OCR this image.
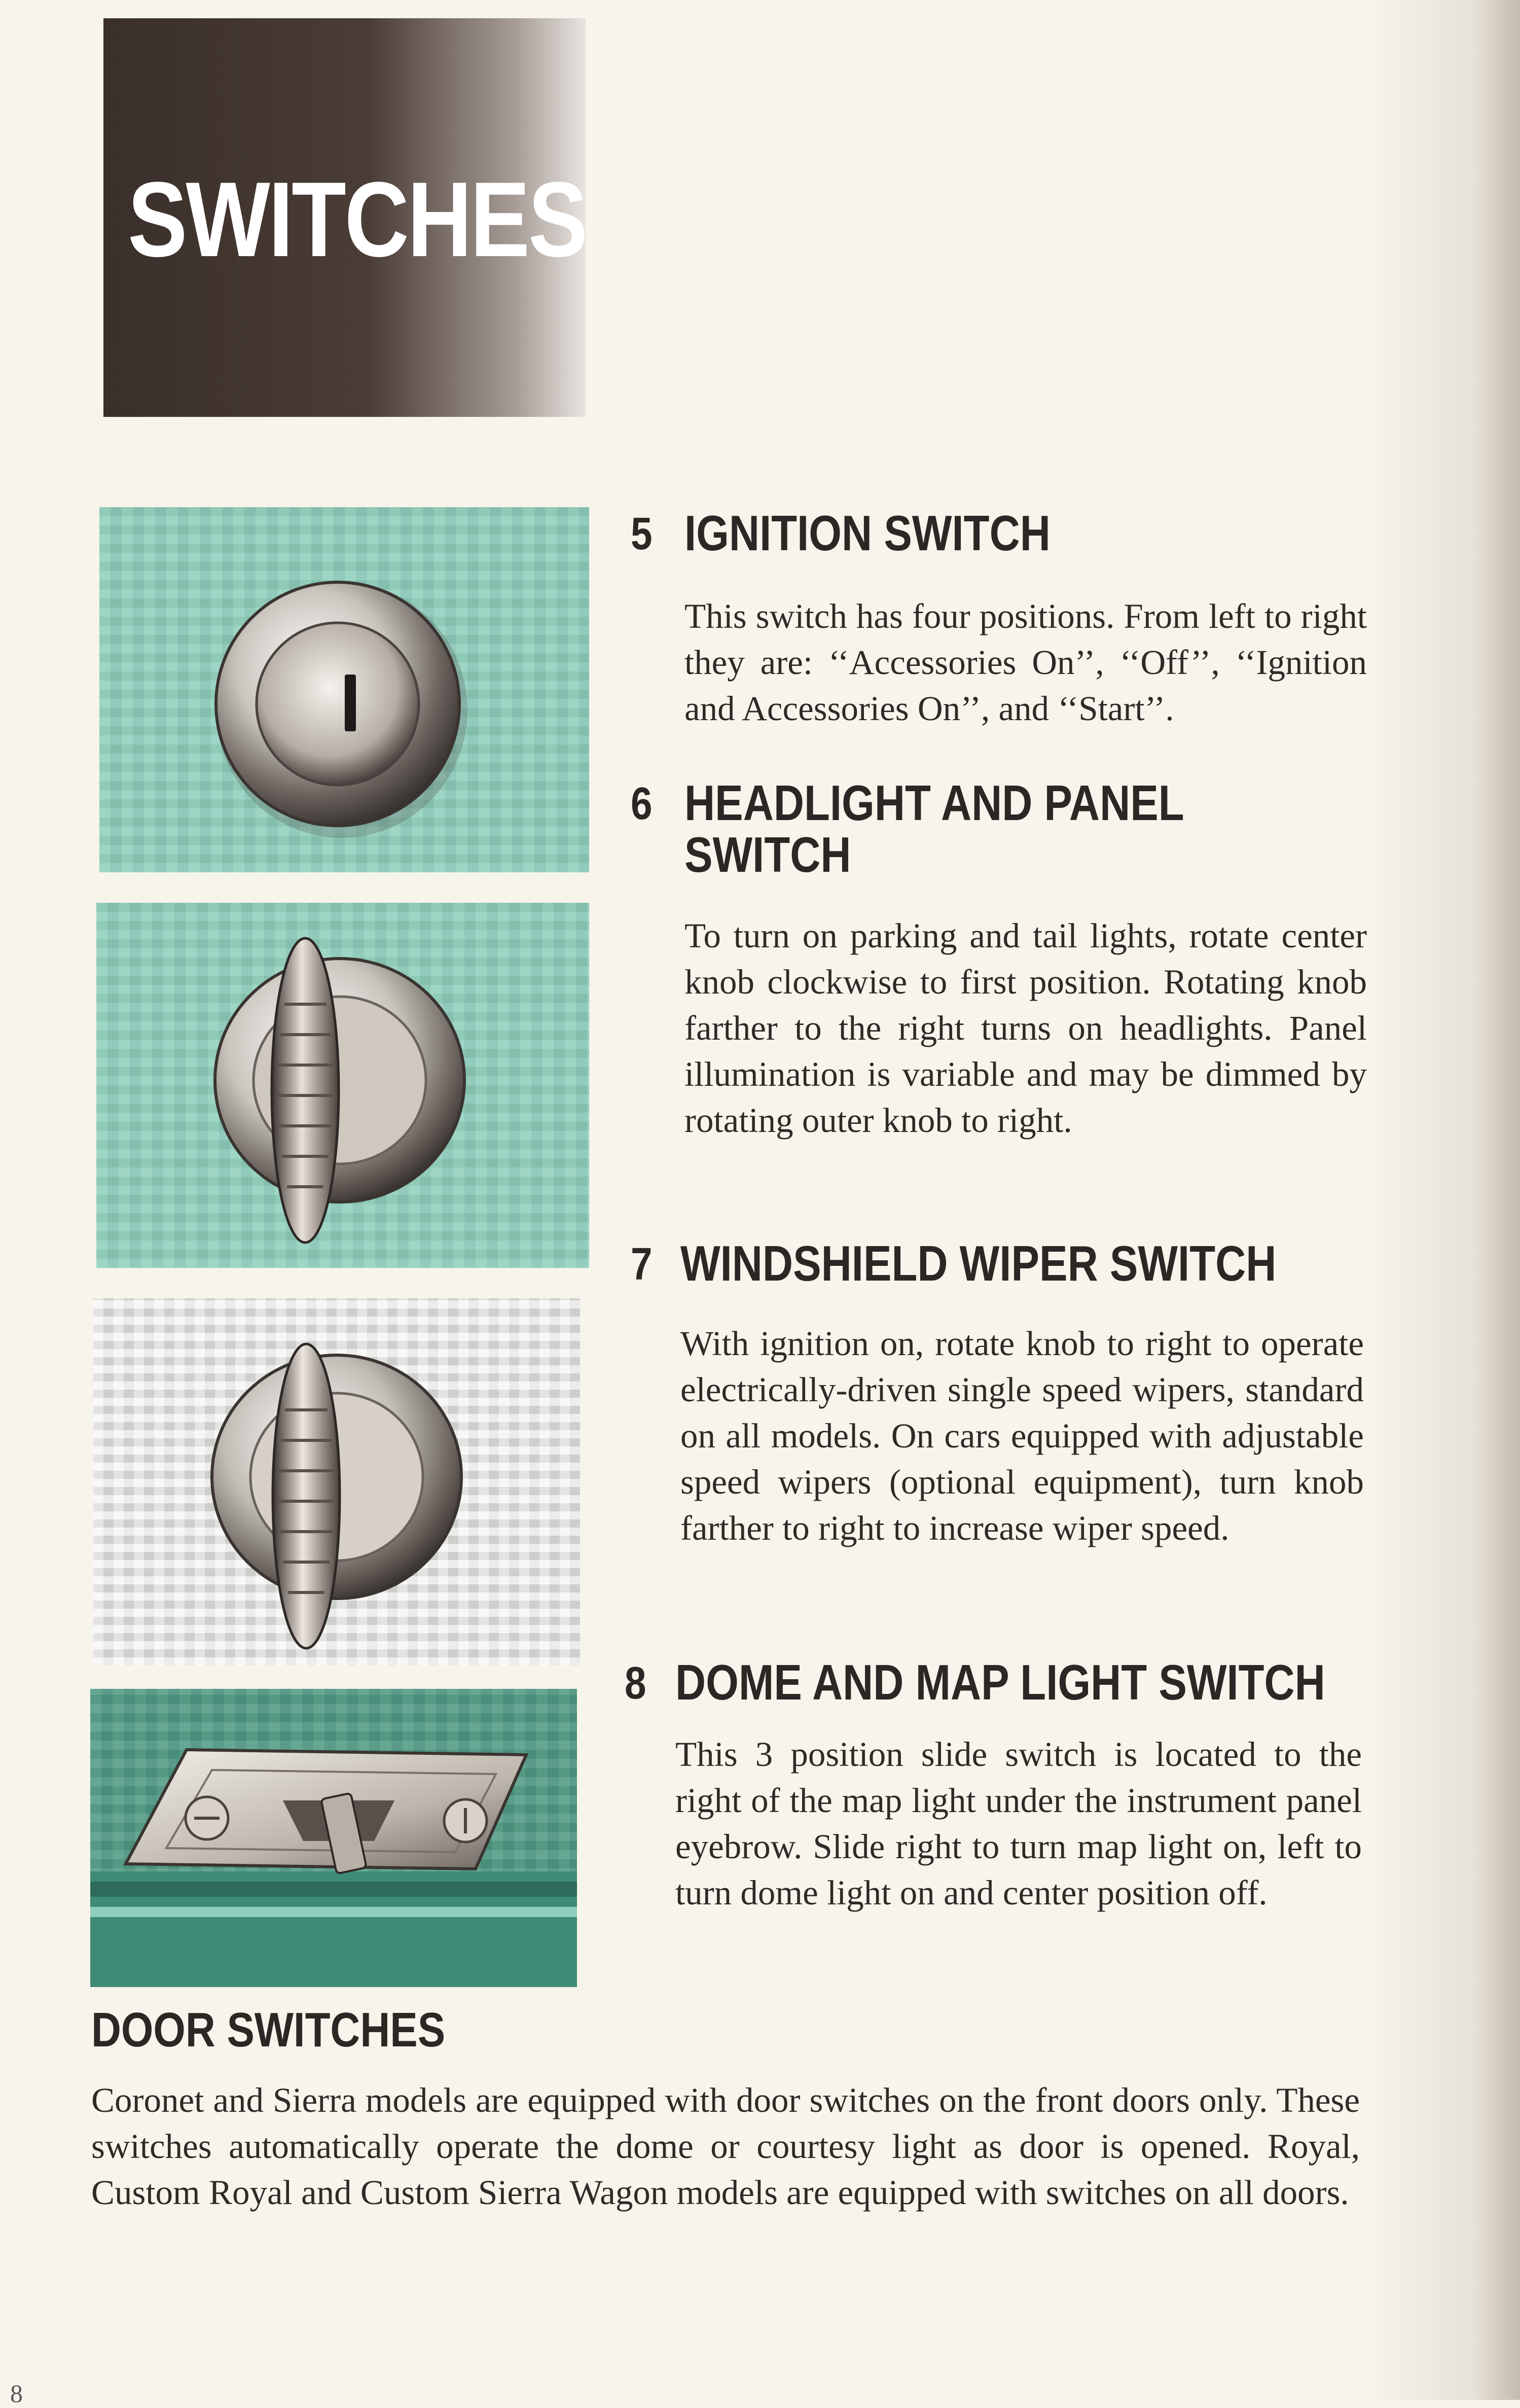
SWITCHES
5 IGNITION SWITCH
This switch has four positions. From left to right they are: ‘‘Accessories On’’, ‘‘Off’’, ‘‘Ignition and Accessories On’’, and ‘‘Start’’.
6 HEADLIGHT AND PANEL
SWITCH
To turn on parking and tail lights, rotate center knob clockwise to first position. Rotating knob farther to the right turns on headlights. Panel illumination is variable and may be dimmed by rotating outer knob to right.
7 WINDSHIELD WIPER SWITCH
With ignition on, rotate knob to right to operate electrically-driven single speed wipers, standard on all models. On cars equipped with adjustable speed wipers (optional equipment), turn knob farther to right to increase wiper speed.
8 DOME AND MAP LIGHT SWITCH
This 3 position slide switch is located to the right of the map light under the instrument panel eyebrow. Slide right to turn map light on, left to turn dome light on and center position off.
DOOR SWITCHES
Coronet and Sierra models are equipped with door switches on the front doors only. These switches automatically operate the dome or courtesy light as door is opened. Royal, Custom Royal and Custom Sierra Wagon models are equipped with switches on all doors.
8
